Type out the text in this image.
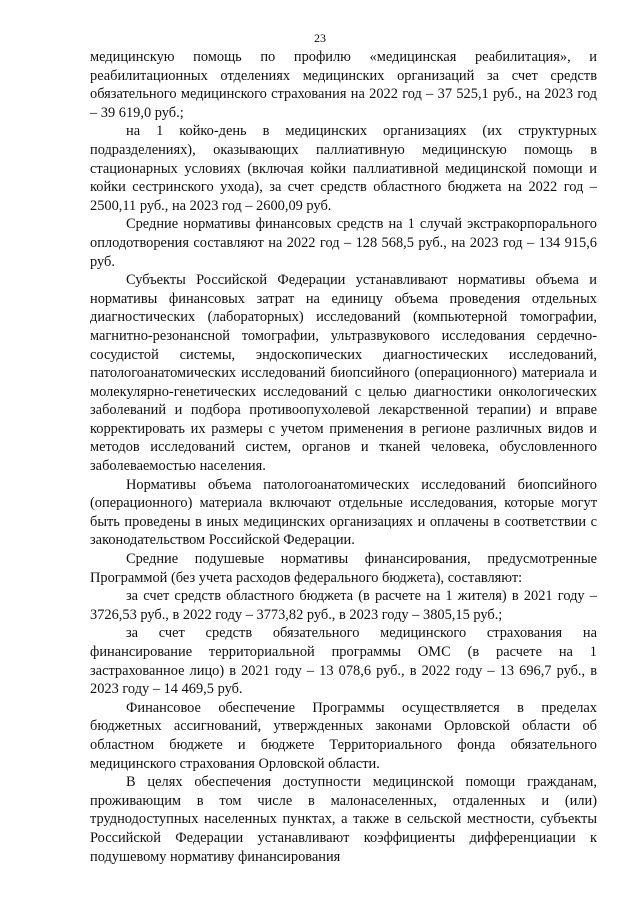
23

медицинскую помощь по профилю «медицинская реабилитация», и реабилитационных отделениях медицинских организаций за счет средств обязательного медицинского страхования на 2022 год – 37 525,1 руб., на 2023 год – 39 619,0 руб.;

на 1 койко-день в медицинских организациях (их структурных подразделениях), оказывающих паллиативную медицинскую помощь в стационарных условиях (включая койки паллиативной медицинской помощи и койки сестринского ухода), за счет средств областного бюджета на 2022 год – 2500,11 руб., на 2023 год – 2600,09 руб.

Средние нормативы финансовых средств на 1 случай экстракорпорального оплодотворения составляют на 2022 год – 128 568,5 руб., на 2023 год – 134 915,6 руб.

Субъекты Российской Федерации устанавливают нормативы объема и нормативы финансовых затрат на единицу объема проведения отдельных диагностических (лабораторных) исследований (компьютерной томографии, магнитно-резонансной томографии, ультразвукового исследования сердечно-сосудистой системы, эндоскопических диагностических исследований, патологоанатомических исследований биопсийного (операционного) материала и молекулярно-генетических исследований с целью диагностики онкологических заболеваний и подбора противоопухолевой лекарственной терапии) и вправе корректировать их размеры с учетом применения в регионе различных видов и методов исследований систем, органов и тканей человека, обусловленного заболеваемостью населения.

Нормативы объема патологоанатомических исследований биопсийного (операционного) материала включают отдельные исследования, которые могут быть проведены в иных медицинских организациях и оплачены в соответствии с законодательством Российской Федерации.

Средние подушевые нормативы финансирования, предусмотренные Программой (без учета расходов федерального бюджета), составляют:

за счет средств областного бюджета (в расчете на 1 жителя) в 2021 году – 3726,53 руб., в 2022 году – 3773,82 руб., в 2023 году – 3805,15 руб.;

за счет средств обязательного медицинского страхования на финансирование территориальной программы ОМС (в расчете на 1 застрахованное лицо) в 2021 году – 13 078,6 руб., в 2022 году – 13 696,7 руб., в 2023 году – 14 469,5 руб.

Финансовое обеспечение Программы осуществляется в пределах бюджетных ассигнований, утвержденных законами Орловской области об областном бюджете и бюджете Территориального фонда обязательного медицинского страхования Орловской области.

В целях обеспечения доступности медицинской помощи гражданам, проживающим в том числе в малонаселенных, отдаленных и (или) труднодоступных населенных пунктах, а также в сельской местности, субъекты Российской Федерации устанавливают коэффициенты дифференциации к подушевому нормативу финансирования
